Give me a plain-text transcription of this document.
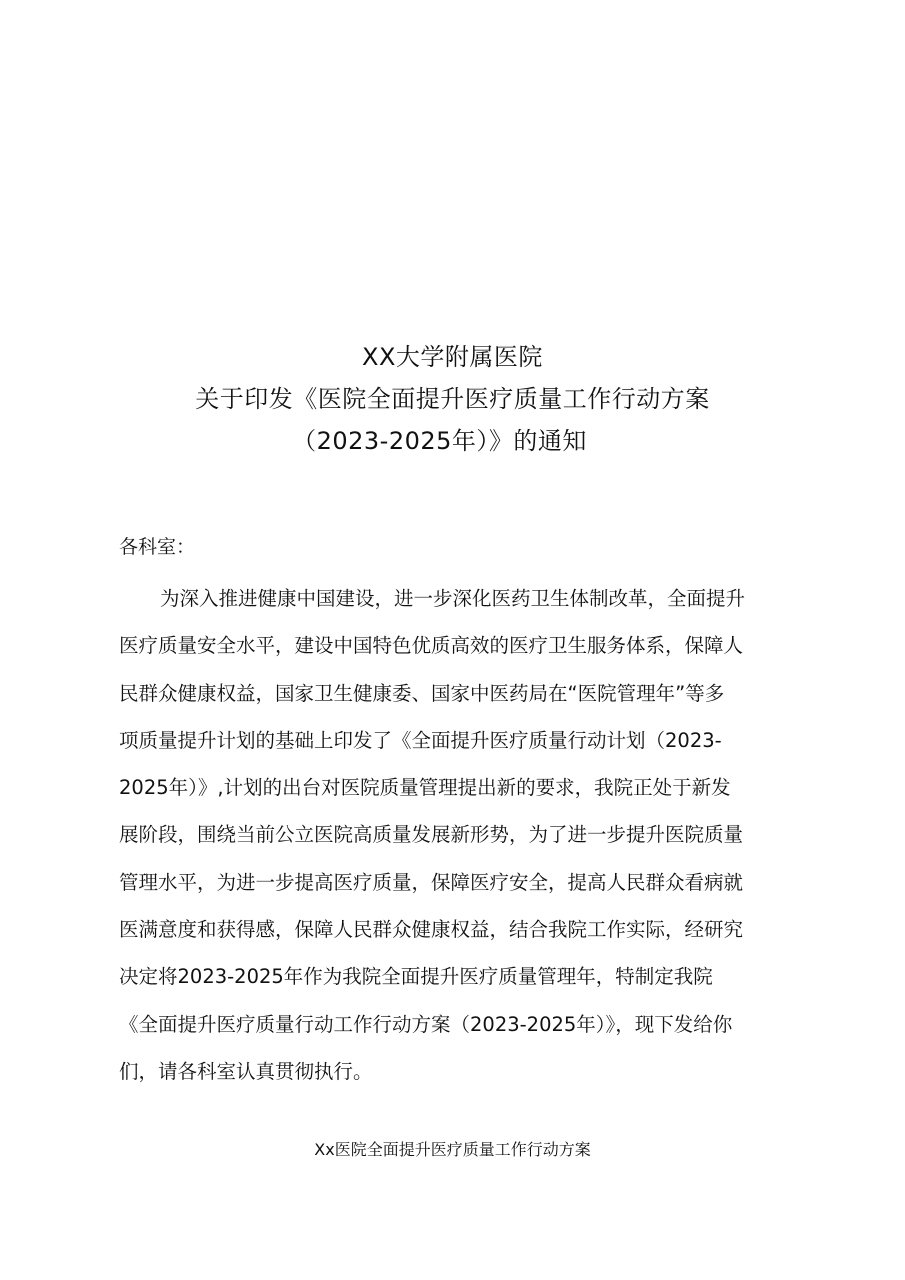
XX大学附属医院
关于印发《医院全面提升医疗质量工作行动方案
（2023-2025年）》的通知
各科室：
为深入推进健康中国建设，进一步深化医药卫生体制改革，全面提升
医疗质量安全水平，建设中国特色优质高效的医疗卫生服务体系，保障人
民群众健康权益，国家卫生健康委、国家中医药局在“医院管理年”等多
项质量提升计划的基础上印发了《全面提升医疗质量行动计划（2023-
2025年）》,计划的出台对医院质量管理提出新的要求，我院正处于新发
展阶段，围绕当前公立医院高质量发展新形势，为了进一步提升医院质量
管理水平，为进一步提高医疗质量，保障医疗安全，提高人民群众看病就
医满意度和获得感，保障人民群众健康权益，结合我院工作实际，经研究
决定将2023-2025年作为我院全面提升医疗质量管理年，特制定我院
《全面提升医疗质量行动工作行动方案（2023-2025年）》，现下发给你
们，请各科室认真贯彻执行。
Xx医院全面提升医疗质量工作行动方案
